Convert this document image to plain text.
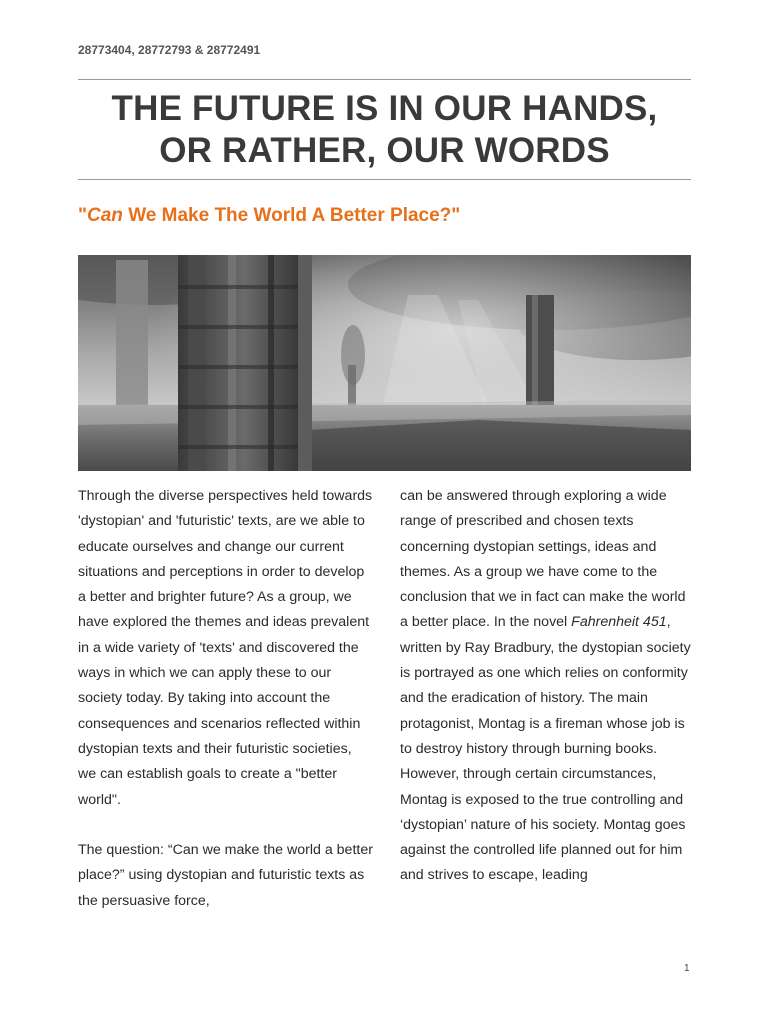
28773404, 28772793 & 28772491
THE FUTURE IS IN OUR HANDS,
OR RATHER, OUR WORDS
"Can We Make The World A Better Place?"

Through the diverse perspectives held towards 'dystopian' and 'futuristic' texts, are we able to educate ourselves and change our current situations and perceptions in order to develop a better and brighter future? As a group, we have explored the themes and ideas prevalent in a wide variety of 'texts' and discovered the ways in which we can apply these to our society today. By taking into account the consequences and scenarios reflected within dystopian texts and their futuristic societies, we can establish goals to create a "better world".

The question: “Can we make the world a better place?” using dystopian and futuristic texts as the persuasive force,

can be answered through exploring a wide range of prescribed and chosen texts concerning dystopian settings, ideas and themes. As a group we have come to the conclusion that we in fact can make the world a better place. In the novel Fahrenheit 451, written by Ray Bradbury, the dystopian society is portrayed as one which relies on conformity and the eradication of history. The main protagonist, Montag is a fireman whose job is to destroy history through burning books. However, through certain circumstances, Montag is exposed to the true controlling and ‘dystopian’ nature of his society. Montag goes against the controlled life planned out for him and strives to escape, leading

1
